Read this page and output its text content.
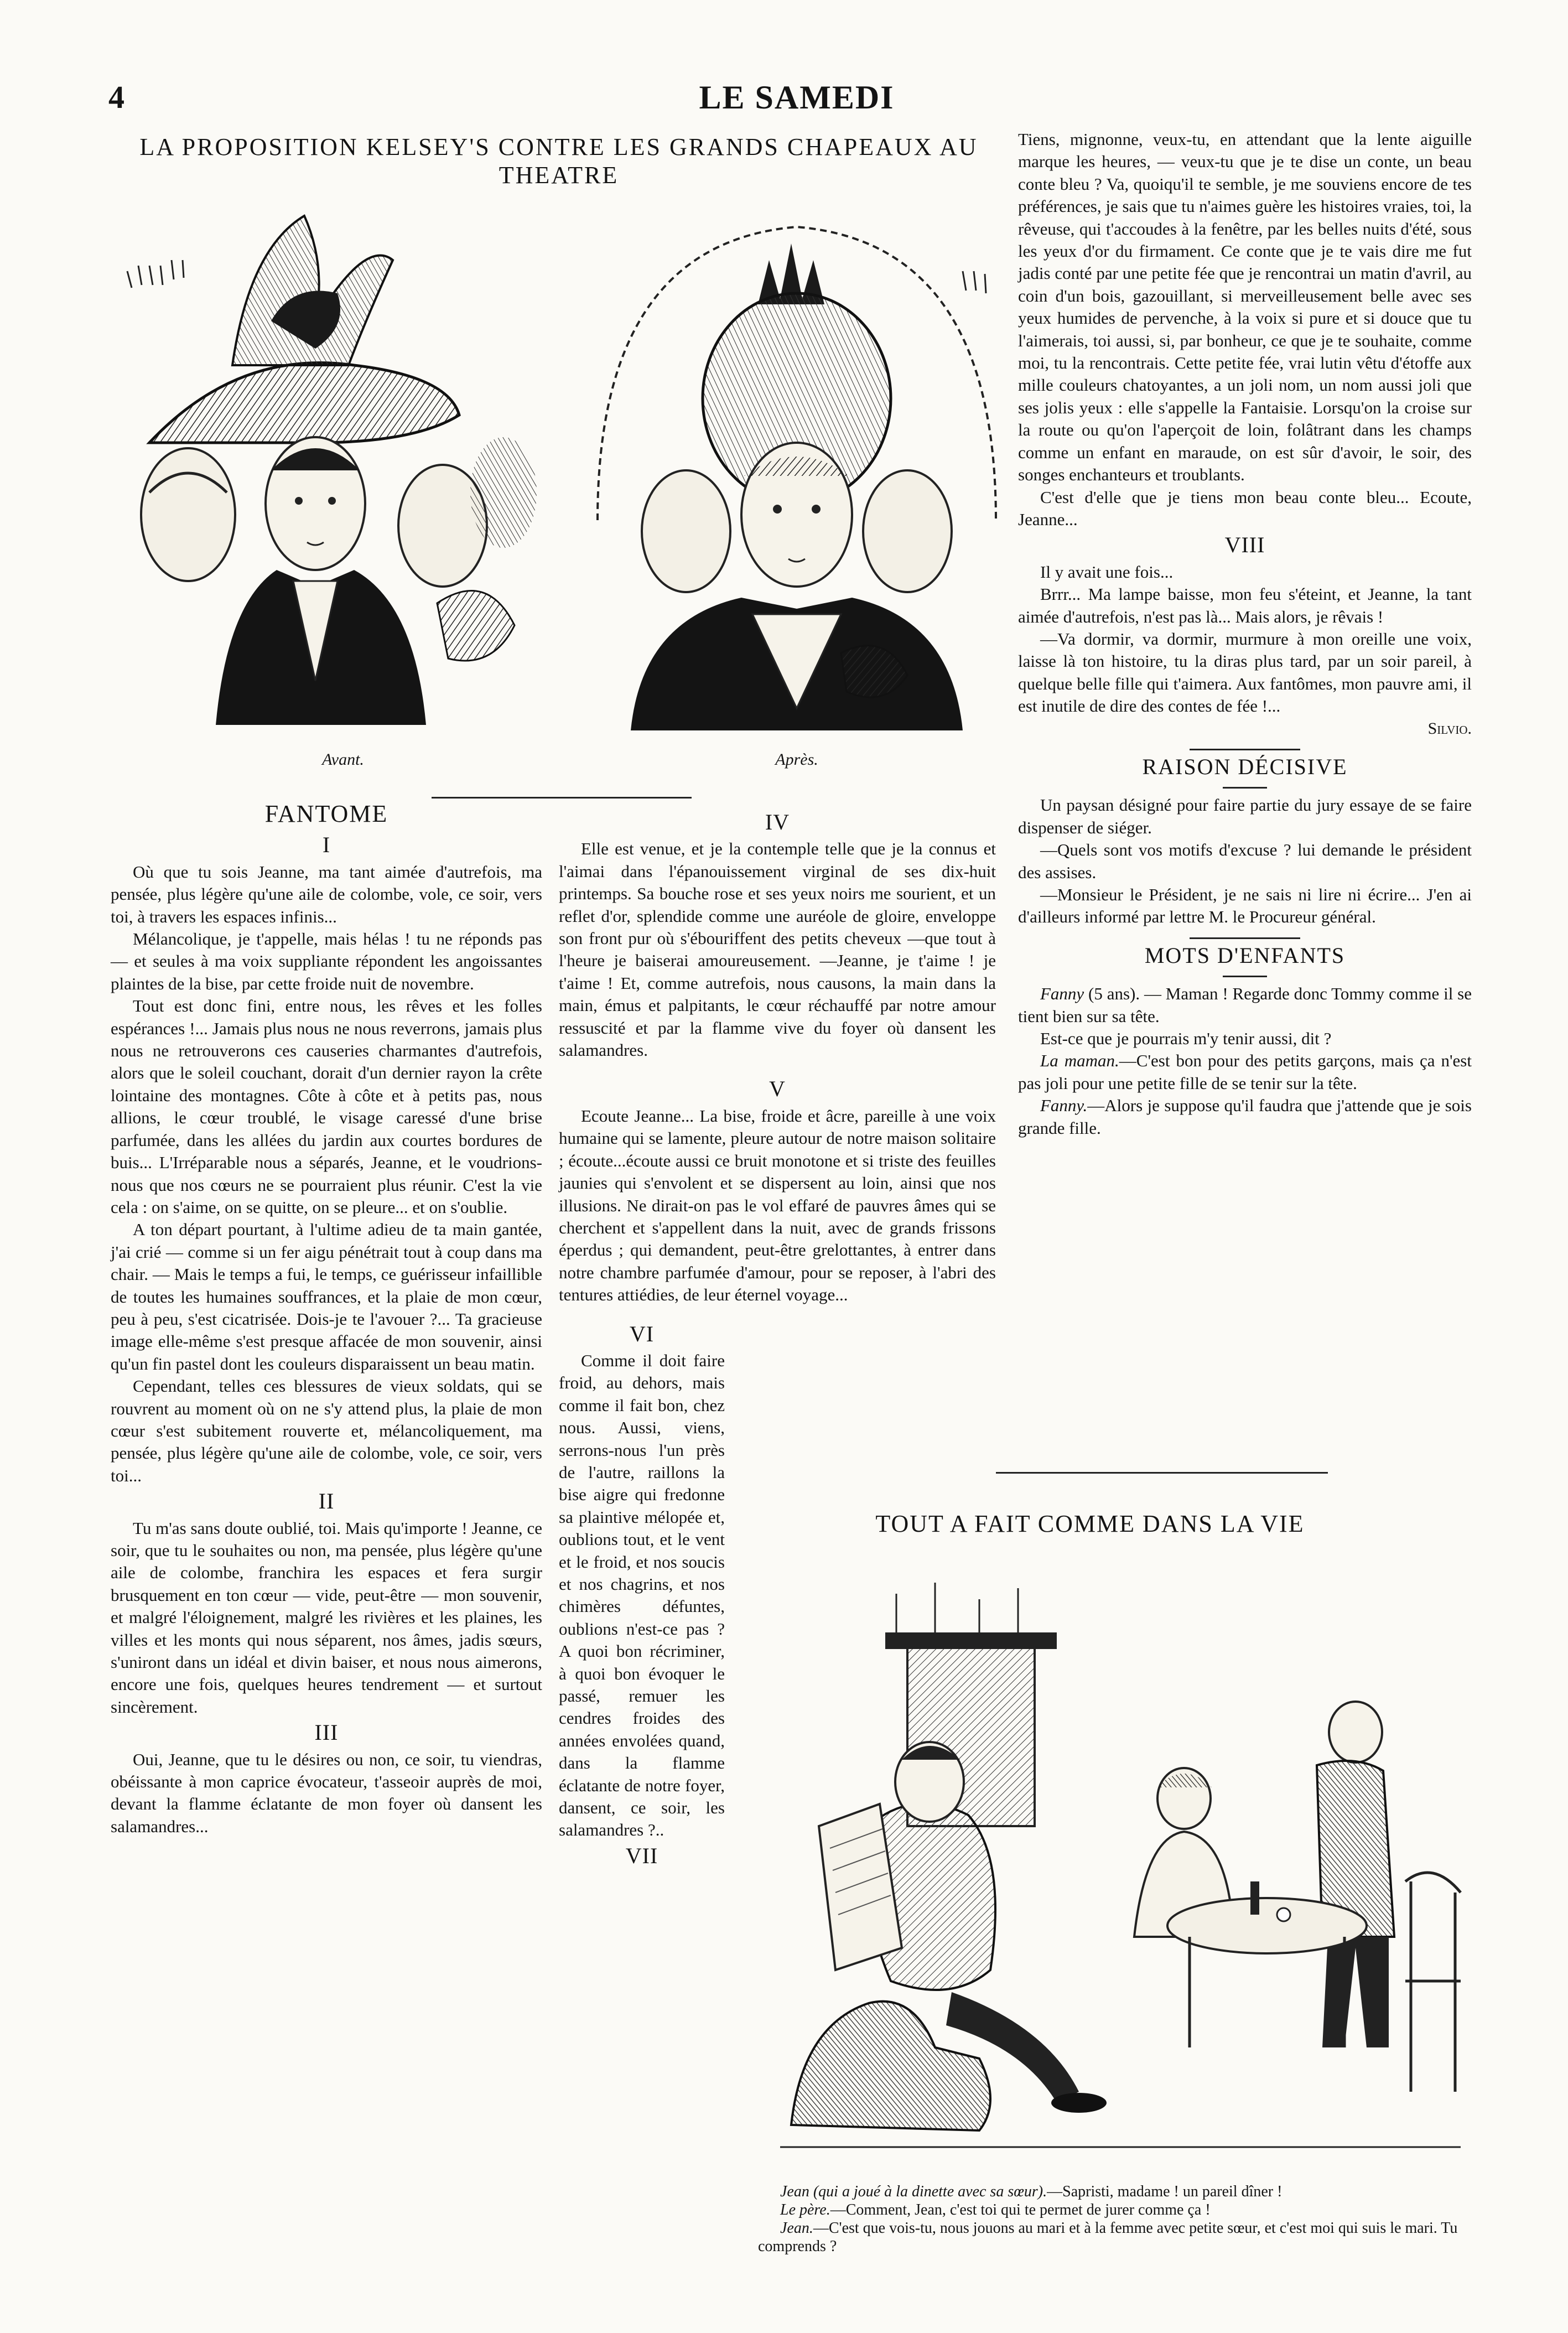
4	LE SAMEDI
LA PROPOSITION KELSEY'S CONTRE LES GRANDS CHAPEAUX AU THEATRE
Avant.	Après.
FANTOME
I

Où que tu sois Jeanne, ma tant aimée d'autrefois, ma pensée, plus légère qu'une aile de colombe, vole, ce soir, vers toi, à travers les espaces infinis...

Mélancolique, je t'appelle, mais hélas ! tu ne réponds pas — et seules à ma voix suppliante répondent les angoissantes plaintes de la bise, par cette froide nuit de novembre.

Tout est donc fini, entre nous, les rêves et les folles espérances !... Jamais plus nous ne nous reverrons, jamais plus nous ne retrouverons ces causeries charmantes d'autrefois, alors que le soleil couchant, dorait d'un dernier rayon la crête lointaine des montagnes. Côte à côte et à petits pas, nous allions, le cœur troublé, le visage caressé d'une brise parfumée, dans les allées du jardin aux courtes bordures de buis... L'Irréparable nous a séparés, Jeanne, et le voudrions-nous que nos cœurs ne se pourraient plus réunir. C'est la vie cela : on s'aime, on se quitte, on se pleure... et on s'oublie.

A ton départ pourtant, à l'ultime adieu de ta main gantée, j'ai crié — comme si un fer aigu pénétrait tout à coup dans ma chair. — Mais le temps a fui, le temps, ce guérisseur infaillible de toutes les humaines souffrances, et la plaie de mon cœur, peu à peu, s'est cicatrisée. Dois-je te l'avouer ?... Ta gracieuse image elle-même s'est presque affacée de mon souvenir, ainsi qu'un fin pastel dont les couleurs disparaissent un beau matin.

Cependant, telles ces blessures de vieux soldats, qui se rouvrent au moment où on ne s'y attend plus, la plaie de mon cœur s'est subitement rouverte et, mélancoliquement, ma pensée, plus légère qu'une aile de colombe, vole, ce soir, vers toi...

II

Tu m'as sans doute oublié, toi. Mais qu'importe ! Jeanne, ce soir, que tu le souhaites ou non, ma pensée, plus légère qu'une aile de colombe, franchira les espaces et fera surgir brusquement en ton cœur — vide, peut-être — mon souvenir, et malgré l'éloignement, malgré les rivières et les plaines, les villes et les monts qui nous séparent, nos âmes, jadis sœurs, s'uniront dans un idéal et divin baiser, et nous nous aimerons, encore une fois, quelques heures tendrement — et surtout sincèrement.

III

Oui, Jeanne, que tu le désires ou non, ce soir, tu viendras, obéissante à mon caprice évocateur, t'asseoir auprès de moi, devant la flamme éclatante de mon foyer où dansent les salamandres...

IV

Elle est venue, et je la contemple telle que je la connus et l'aimai dans l'épanouissement virginal de ses dix-huit printemps. Sa bouche rose et ses yeux noirs me sourient, et un reflet d'or, splendide comme une auréole de gloire, enveloppe son front pur où s'ébouriffent des petits cheveux —que tout à l'heure je baiserai amoureusement. —Jeanne, je t'aime ! je t'aime ! Et, comme autrefois, nous causons, la main dans la main, émus et palpitants, le cœur réchauffé par notre amour ressuscité et par la flamme vive du foyer où dansent les salamandres.

V

Ecoute Jeanne... La bise, froide et âcre, pareille à une voix humaine qui se lamente, pleure autour de notre maison solitaire ; écoute...écoute aussi ce bruit monotone et si triste des feuilles jaunies qui s'envolent et se dispersent au loin, ainsi que nos illusions. Ne dirait-on pas le vol effaré de pauvres âmes qui se cherchent et s'appellent dans la nuit, avec de grands frissons éperdus ; qui demandent, peut-être grelottantes, à entrer dans notre chambre parfumée d'amour, pour se reposer, à l'abri des tentures attiédies, de leur éternel voyage...

VI

Comme il doit faire froid, au dehors, mais comme il fait bon, chez nous. Aussi, viens, serrons-nous l'un près de l'autre, raillons la bise aigre qui fredonne sa plaintive mélopée et, oublions tout, et le vent et le froid, et nos soucis et nos chagrins, et nos chimères défuntes, oublions n'est-ce pas ? A quoi bon récriminer, à quoi bon évoquer le passé, remuer les cendres froides des années envolées quand, dans la flamme éclatante de notre foyer, dansent, ce soir, les salamandres ?..

VII

Tiens, mignonne, veux-tu, en attendant que la lente aiguille marque les heures, — veux-tu que je te dise un conte, un beau conte bleu ? Va, quoiqu'il te semble, je me souviens encore de tes préférences, je sais que tu n'aimes guère les histoires vraies, toi, la rêveuse, qui t'accoudes à la fenêtre, par les belles nuits d'été, sous les yeux d'or du firmament. Ce conte que je te vais dire me fut jadis conté par une petite fée que je rencontrai un matin d'avril, au coin d'un bois, gazouillant, si merveilleusement belle avec ses yeux humides de pervenche, à la voix si pure et si douce que tu l'aimerais, toi aussi, si, par bonheur, ce que je te souhaite, comme moi, tu la rencontrais. Cette petite fée, vrai lutin vêtu d'étoffe aux mille couleurs chatoyantes, a un joli nom, un nom aussi joli que ses jolis yeux : elle s'appelle la Fantaisie. Lorsqu'on la croise sur la route ou qu'on l'aperçoit de loin, folâtrant dans les champs comme un enfant en maraude, on est sûr d'avoir, le soir, des songes enchanteurs et troublants.

C'est d'elle que je tiens mon beau conte bleu... Ecoute, Jeanne...

VIII

Il y avait une fois...

Brrr... Ma lampe baisse, mon feu s'éteint, et Jeanne, la tant aimée d'autrefois, n'est pas là... Mais alors, je rêvais !

—Va dormir, va dormir, murmure à mon oreille une voix, laisse là ton histoire, tu la diras plus tard, par un soir pareil, à quelque belle fille qui t'aimera. Aux fantômes, mon pauvre ami, il est inutile de dire des contes de fée !...

Silvio.
RAISON DÉCISIVE

Un paysan désigné pour faire partie du jury essaye de se faire dispenser de siéger.

—Quels sont vos motifs d'excuse ? lui demande le président des assises.

—Monsieur le Président, je ne sais ni lire ni écrire... J'en ai d'ailleurs informé par lettre M. le Procureur général.

MOTS D'ENFANTS

Fanny (5 ans). — Maman ! Regarde donc Tommy comme il se tient bien sur sa tête.

Est-ce que je pourrais m'y tenir aussi, dit ?

La maman.—C'est bon pour des petits garçons, mais ça n'est pas joli pour une petite fille de se tenir sur la tête.

Fanny.—Alors je suppose qu'il faudra que j'attende que je sois grande fille.

TOUT A FAIT COMME DANS LA VIE
Jean (qui a joué à la dinette avec sa sœur).—Sapristi, madame ! un pareil dîner !
Le père.—Comment, Jean, c'est toi qui te permet de jurer comme ça !
Jean.—C'est que vois-tu, nous jouons au mari et à la femme avec petite sœur, et c'est moi qui suis le mari. Tu comprends ?
